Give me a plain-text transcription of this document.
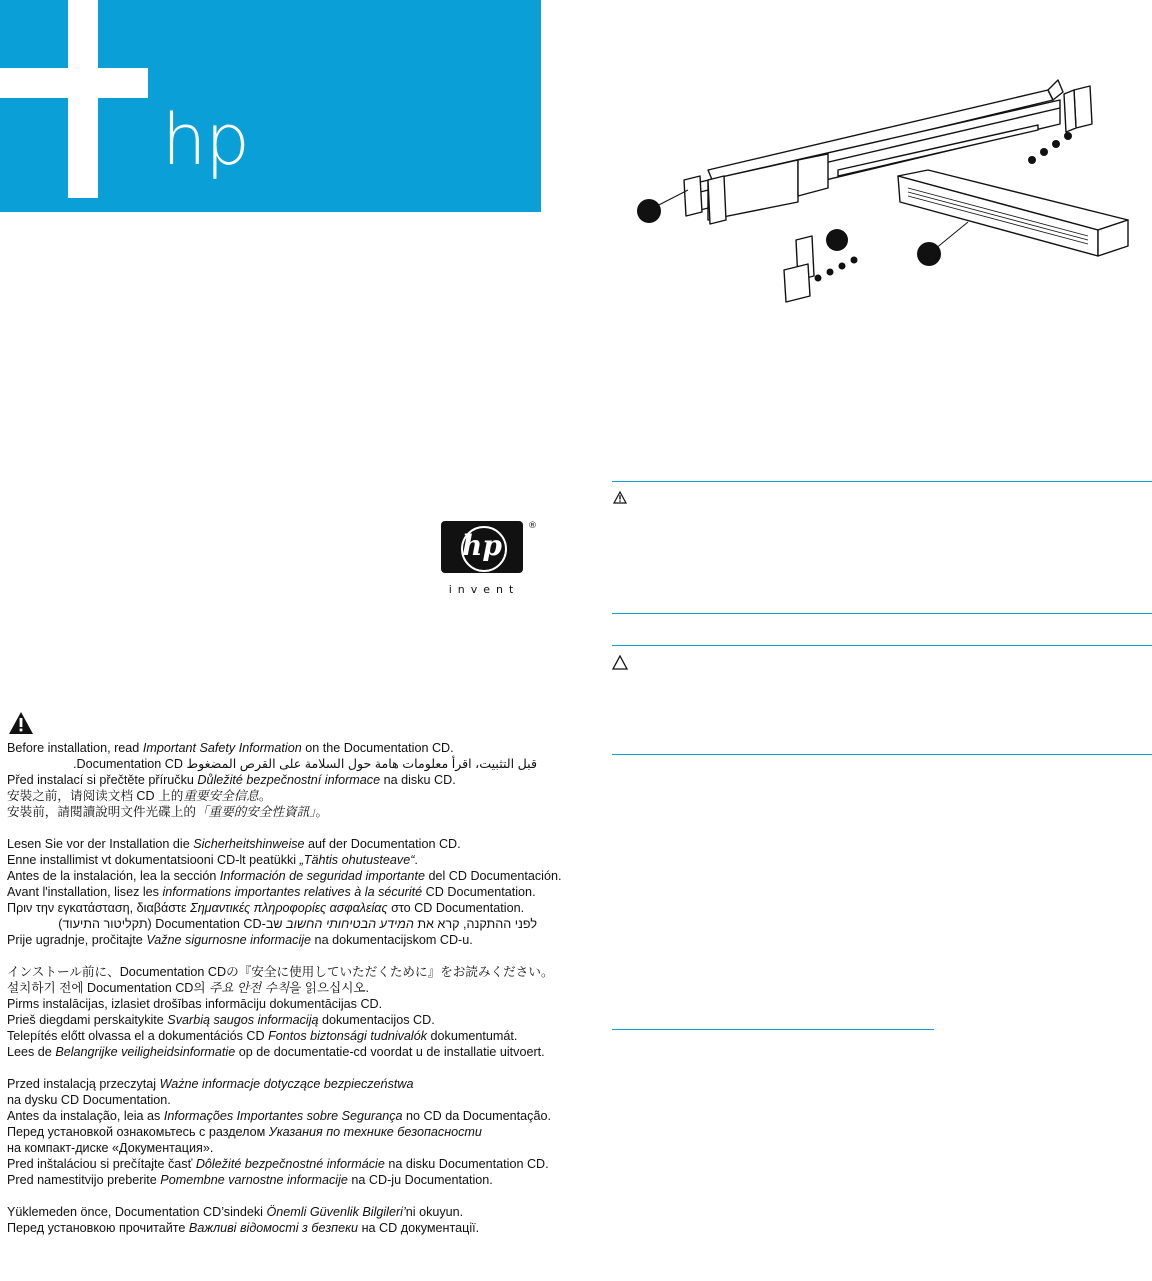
hp
hp
®
invent
Before installation, read Important Safety Information on the Documentation CD.
قبل التثبيت، اقرأ معلومات هامة حول السلامة على القرص المضغوط Documentation CD.
Před instalací si přečtěte příručku Důležité bezpečnostní informace na disku CD.
安裝之前，请阅读文档 CD 上的重要安全信息。
安裝前，請閱讀說明文件光碟上的「重要的安全性資訊」。
Lesen Sie vor der Installation die Sicherheitshinweise auf der Documentation CD.
Enne installimist vt dokumentatsiooni CD-lt peatükki „Tähtis ohutusteave“.
Antes de la instalación, lea la sección Información de seguridad importante del CD Documentación.
Avant l'installation, lisez les informations importantes relatives à la sécurité CD Documentation.
Πριν την εγκατάσταση, διαβάστε Σημαντικές πληροφορίες ασφαλείας στο CD Documentation.
לפני ההתקנה, קרא את המידע הבטיחותי החשוב שב-Documentation CD (תקליטור התיעוד)
Prije ugradnje, pročitajte Važne sigurnosne informacije na dokumentacijskom CD-u.
インストール前に、Documentation CDの『安全に使用していただくために』をお読みください。
설치하기 전에 Documentation CD의 주요 안전 수칙을 읽으십시오.
Pirms instalācijas, izlasiet drošības informāciju dokumentācijas CD.
Prieš diegdami perskaitykite Svarbią saugos informaciją dokumentacijos CD.
Telepítés előtt olvassa el a dokumentációs CD Fontos biztonsági tudnivalók dokumentumát.
Lees de Belangrijke veiligheidsinformatie op de documentatie-cd voordat u de installatie uitvoert.
Przed instalacją przeczytaj Ważne informacje dotyczące bezpieczeństwa
na dysku CD Documentation.
Antes da instalação, leia as Informações Importantes sobre Segurança no CD da Documentação.
Перед установкой ознакомьтесь с разделом Указания по технике безопасности
на компакт-диске «Документация».
Pred inštaláciou si prečítajte časť Dôležité bezpečnostné informácie na disku Documentation CD.
Pred namestitvijo preberite Pomembne varnostne informacije na CD-ju Documentation.
Yüklemeden önce, Documentation CD’sindeki Önemli Güvenlik Bilgileri’ni okuyun.
Перед установкою прочитайте Важливі відомості з безпеки на CD документації.
